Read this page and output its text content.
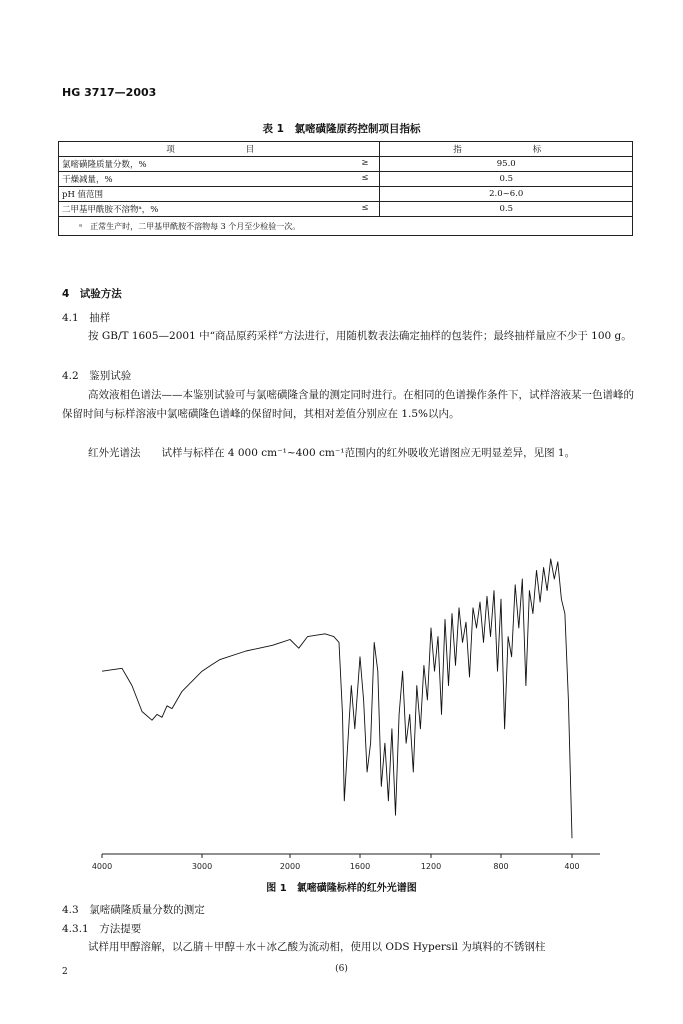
HG 3717—2003
表 1　氯嘧磺隆原药控制项目指标
项　　目	指　　标
氯嘧磺隆质量分数，% ≥	95.0
干燥减量，% ≤	0.5
pH 值范围	2.0~6.0
二甲基甲酰胺不溶物ᵃ，% ≤	0.5
ᵃ　正常生产时，二甲基甲酰胺不溶物每 3 个月至少检验一次。	
4　试验方法
4.1　抽样
按 GB/T 1605—2001 中“商品原药采样”方法进行，用随机数表法确定抽样的包装件；最终抽样量应不少于 100 g。
4.2　鉴别试验
高效液相色谱法——本鉴别试验可与氯嘧磺隆含量的测定同时进行。在相同的色谱操作条件下，试样溶液某一色谱峰的保留时间与标样溶液中氯嘧磺隆色谱峰的保留时间，其相对差值分别应在 1.5%以内。
红外光谱法　　试样与标样在 4 000 cm⁻¹~400 cm⁻¹范围内的红外吸收光谱图应无明显差异，见图 1。
4000	3000	2000	1600	1200	800	400
图 1　氯嘧磺隆标样的红外光谱图
4.3　氯嘧磺隆质量分数的测定
4.3.1　方法提要
试样用甲醇溶解，以乙腈＋甲醇＋水＋冰乙酸为流动相，使用以 ODS Hypersil 为填料的不锈钢柱
2	(6)
